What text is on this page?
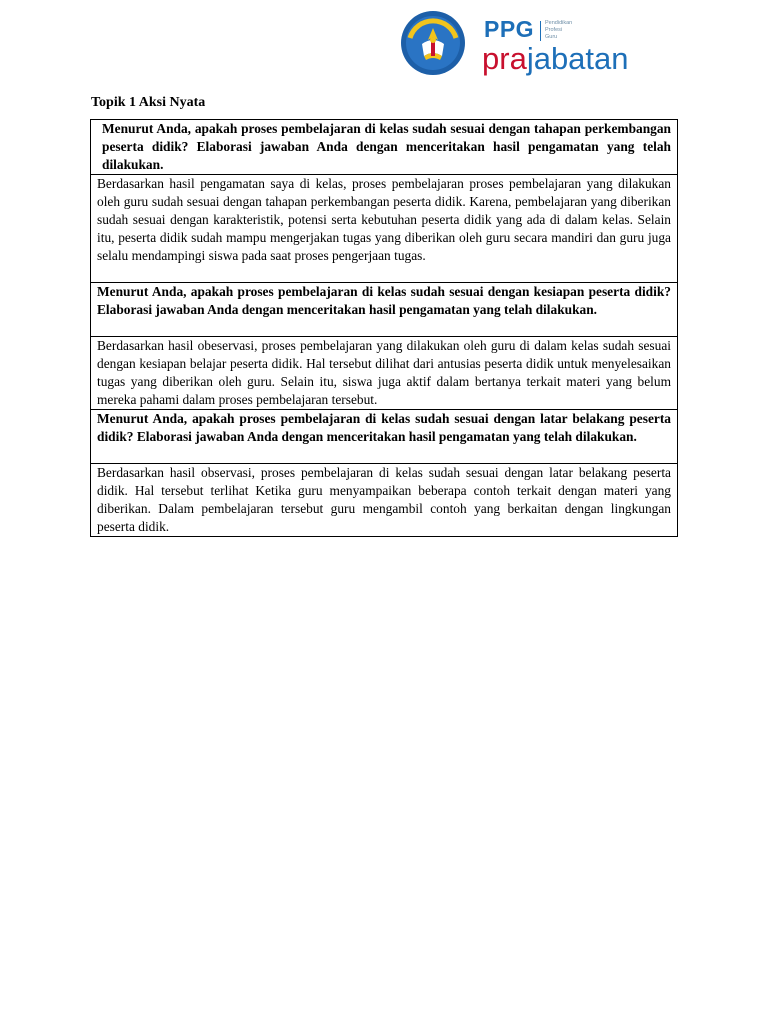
PPG Pendidikan
Profesi
Guru
prajabatan
Topik 1 Aksi Nyata
Menurut Anda, apakah proses pembelajaran di kelas sudah sesuai dengan tahapan perkembangan peserta didik? Elaborasi jawaban Anda dengan menceritakan hasil pengamatan yang telah dilakukan.
Berdasarkan hasil pengamatan saya di kelas, proses pembelajaran proses pembelajaran yang dilakukan oleh guru sudah sesuai dengan tahapan perkembangan peserta didik. Karena, pembelajaran yang diberikan sudah sesuai dengan karakteristik, potensi serta kebutuhan peserta didik yang ada di dalam kelas. Selain itu, peserta didik sudah mampu mengerjakan tugas yang diberikan oleh guru secara mandiri dan guru juga selalu mendampingi siswa pada saat proses pengerjaan tugas.
Menurut Anda, apakah proses pembelajaran di kelas sudah sesuai dengan kesiapan peserta didik? Elaborasi jawaban Anda dengan menceritakan hasil pengamatan yang telah dilakukan.
Berdasarkan hasil obeservasi, proses pembelajaran yang dilakukan oleh guru di dalam kelas sudah sesuai dengan kesiapan belajar peserta didik. Hal tersebut dilihat dari antusias peserta didik untuk menyelesaikan tugas yang diberikan oleh guru. Selain itu, siswa juga aktif dalam bertanya terkait materi yang belum mereka pahami dalam proses pembelajaran tersebut.
Menurut Anda, apakah proses pembelajaran di kelas sudah sesuai dengan latar belakang peserta didik? Elaborasi jawaban Anda dengan menceritakan hasil pengamatan yang telah dilakukan.
Berdasarkan hasil observasi, proses pembelajaran di kelas sudah sesuai dengan latar belakang peserta didik. Hal tersebut terlihat Ketika guru menyampaikan beberapa contoh terkait dengan materi yang diberikan. Dalam pembelajaran tersebut guru mengambil contoh yang berkaitan dengan lingkungan peserta didik.
